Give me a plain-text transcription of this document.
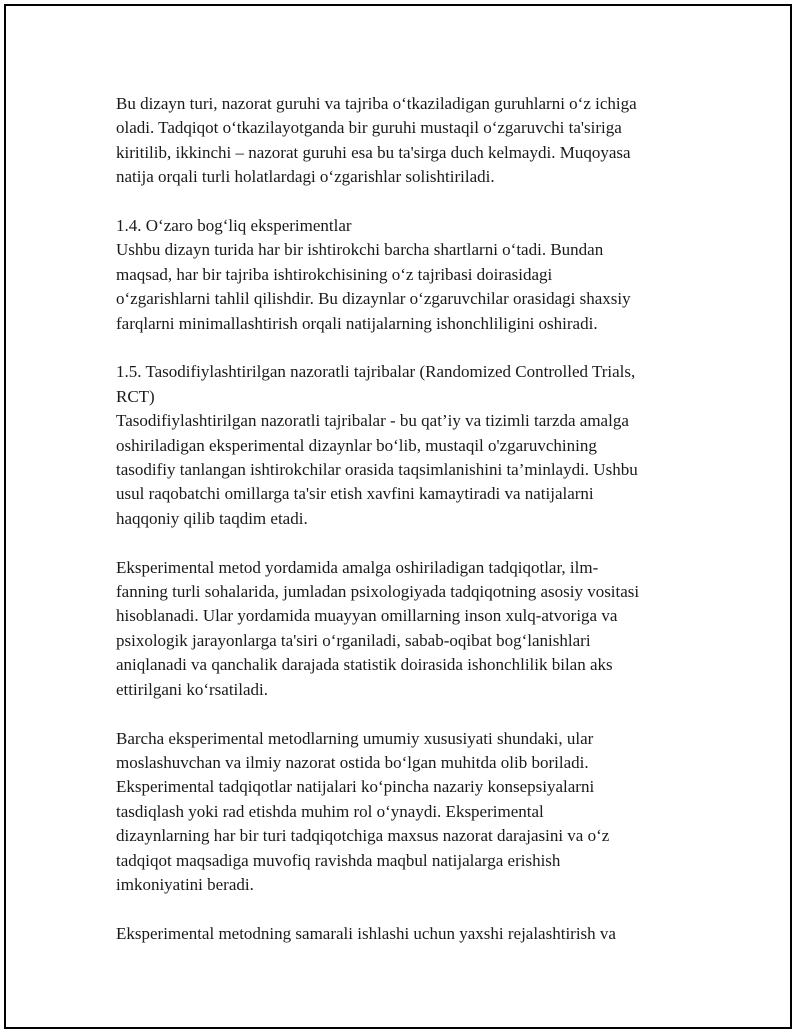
Bu dizayn turi, nazorat guruhi va tajriba o‘tkaziladigan guruhlarni o‘z ichiga
oladi. Tadqiqot o‘tkazilayotganda bir guruhi mustaqil o‘zgaruvchi ta'siriga
kiritilib, ikkinchi – nazorat guruhi esa bu ta'sirga duch kelmaydi. Muqoyasa
natija orqali turli holatlardagi o‘zgarishlar solishtiriladi.

1.4. O‘zaro bog‘liq eksperimentlar
Ushbu dizayn turida har bir ishtirokchi barcha shartlarni o‘tadi. Bundan
maqsad, har bir tajriba ishtirokchisining o‘z tajribasi doirasidagi
o‘zgarishlarni tahlil qilishdir. Bu dizaynlar o‘zgaruvchilar orasidagi shaxsiy
farqlarni minimallashtirish orqali natijalarning ishonchliligini oshiradi.

1.5. Tasodifiylashtirilgan nazoratli tajribalar (Randomized Controlled Trials,
RCT)
Tasodifiylashtirilgan nazoratli tajribalar - bu qat’iy va tizimli tarzda amalga
oshiriladigan eksperimental dizaynlar bo‘lib, mustaqil o'zgaruvchining
tasodifiy tanlangan ishtirokchilar orasida taqsimlanishini ta’minlaydi. Ushbu
usul raqobatchi omillarga ta'sir etish xavfini kamaytiradi va natijalarni
haqqoniy qilib taqdim etadi.

Eksperimental metod yordamida amalga oshiriladigan tadqiqotlar, ilm-
fanning turli sohalarida, jumladan psixologiyada tadqiqotning asosiy vositasi
hisoblanadi. Ular yordamida muayyan omillarning inson xulq-atvoriga va
psixologik jarayonlarga ta'siri o‘rganiladi, sabab-oqibat bog‘lanishlari
aniqlanadi va qanchalik darajada statistik doirasida ishonchlilik bilan aks
ettirilgani ko‘rsatiladi.

Barcha eksperimental metodlarning umumiy xususiyati shundaki, ular
moslashuvchan va ilmiy nazorat ostida bo‘lgan muhitda olib boriladi.
Eksperimental tadqiqotlar natijalari ko‘pincha nazariy konsepsiyalarni
tasdiqlash yoki rad etishda muhim rol o‘ynaydi. Eksperimental
dizaynlarning har bir turi tadqiqotchiga maxsus nazorat darajasini va o‘z
tadqiqot maqsadiga muvofiq ravishda maqbul natijalarga erishish
imkoniyatini beradi.

Eksperimental metodning samarali ishlashi uchun yaxshi rejalashtirish va
